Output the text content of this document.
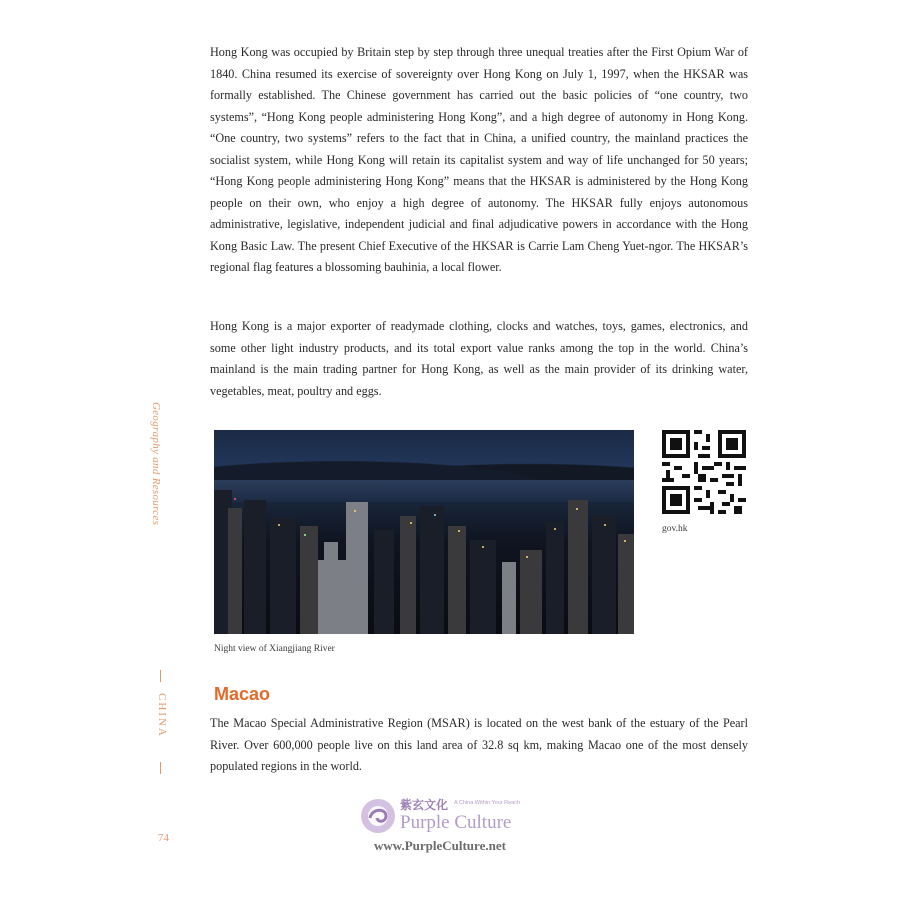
Hong Kong was occupied by Britain step by step through three unequal treaties after the First Opium War of 1840. China resumed its exercise of sovereignty over Hong Kong on July 1, 1997, when the HKSAR was formally established. The Chinese government has carried out the basic policies of “one country, two systems”, “Hong Kong people administering Hong Kong”, and a high degree of autonomy in Hong Kong. “One country, two systems” refers to the fact that in China, a unified country, the mainland practices the socialist system, while Hong Kong will retain its capitalist system and way of life unchanged for 50 years; “Hong Kong people administering Hong Kong” means that the HKSAR is administered by the Hong Kong people on their own, who enjoy a high degree of autonomy. The HKSAR fully enjoys autonomous administrative, legislative, independent judicial and final adjudicative powers in accordance with the Hong Kong Basic Law. The present Chief Executive of the HKSAR is Carrie Lam Cheng Yuet-ngor. The HKSAR’s regional flag features a blossoming bauhinia, a local flower.

Hong Kong is a major exporter of readymade clothing, clocks and watches, toys, games, electronics, and some other light industry products, and its total export value ranks among the top in the world. China’s mainland is the main trading partner for Hong Kong, as well as the main provider of its drinking water, vegetables, meat, poultry and eggs.

Geography and Resources
CHINA
74
Night view of Xiangjiang River
gov.hk
Macao

The Macao Special Administrative Region (MSAR) is located on the west bank of the estuary of the Pearl River. Over 600,000 people live on this land area of 32.8 sq km, making Macao one of the most densely populated regions in the world.

紫玄文化 A China Within Your Reach
Purple Culture
www.PurpleCulture.net
